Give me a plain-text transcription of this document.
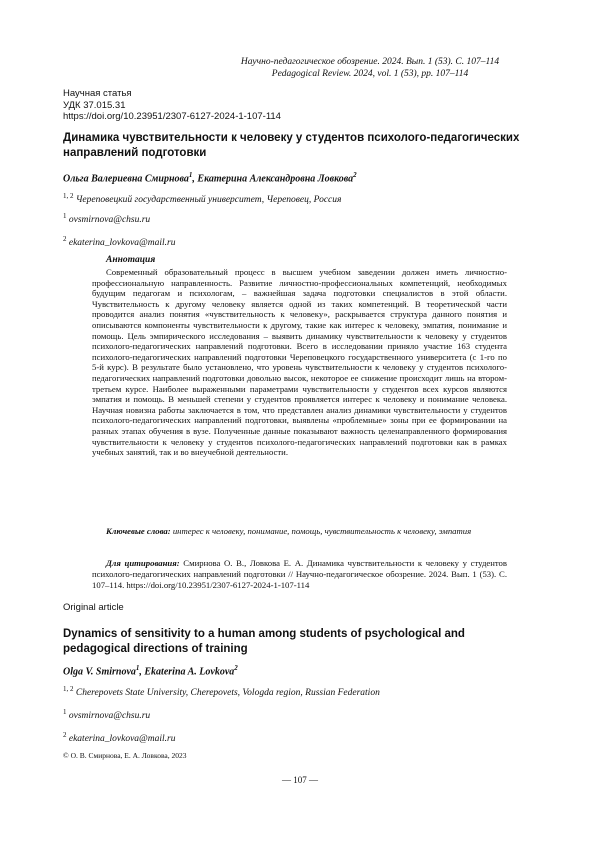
Научно-педагогическое обозрение. 2024. Вып. 1 (53). С. 107–114
Pedagogical Review. 2024, vol. 1 (53), pp. 107–114
Научная статья
УДК 37.015.31
https://doi.org/10.23951/2307-6127-2024-1-107-114
Динамика чувствительности к человеку у студентов психолого-педагогических направлений подготовки
Ольга Валериевна Смирнова$^1$, Екатерина Александровна Ловкова$^2$
$^{1, 2}$ Череповецкий государственный университет, Череповец, Россия
$^1$ ovsmirnova@chsu.ru
$^2$ ekaterina_lovkova@mail.ru
Аннотация
Современный образовательный процесс в высшем учебном заведении должен иметь личностно-профессиональную направленность. Развитие личностно-профессиональных компетенций, необходимых будущим педагогам и психологам, – важнейшая задача подготовки специалистов в этой области. Чувствительность к другому человеку является одной из таких компетенций. В теоретической части проводится анализ понятия «чувствительность к человеку», раскрывается структура данного понятия и описываются компоненты чувствительности к другому, такие как интерес к человеку, эмпатия, понимание и помощь. Цель эмпирического исследования – выявить динамику чувствительности к человеку у студентов психолого-педагогических направлений подготовки. Всего в исследовании приняло участие 163 студента психолого-педагогических направлений подготовки Череповецкого государственного университета (с 1-го по 5-й курс). В результате было установлено, что уровень чувствительности к человеку у студентов психолого-педагогических направлений подготовки довольно высок, некоторое ее снижение происходит лишь на втором-третьем курсе. Наиболее выраженными параметрами чувствительности у студентов всех курсов являются эмпатия и помощь. В меньшей степени у студентов проявляется интерес к человеку и понимание человека. Научная новизна работы заключается в том, что представлен анализ динамики чувствительности у студентов психолого-педагогических направлений подготовки, выявлены «проблемные» зоны при ее формировании на разных этапах обучения в вузе. Полученные данные показывают важность целенаправленного формирования чувствительности к человеку у студентов психолого-педагогических направлений подготовки как в рамках учебных занятий, так и во внеучебной деятельности.
Ключевые слова: интерес к человеку, понимание, помощь, чувствительность к человеку, эмпатия
Для цитирования: Смирнова О. В., Ловкова Е. А. Динамика чувствительности к человеку у студентов психолого-педагогических направлений подготовки // Научно-педагогическое обозрение. 2024. Вып. 1 (53). С. 107–114. https://doi.org/10.23951/2307-6127-2024-1-107-114
Original article
Dynamics of sensitivity to a human among students of psychological and pedagogical directions of training
Olga V. Smirnova$^1$, Ekaterina A. Lovkova$^2$
$^{1, 2}$ Cherepovets State University, Cherepovets, Vologda region, Russian Federation
$^1$ ovsmirnova@chsu.ru
$^2$ ekaterina_lovkova@mail.ru
© О. В. Смирнова, Е. А. Ловкова, 2023
— 107 —
